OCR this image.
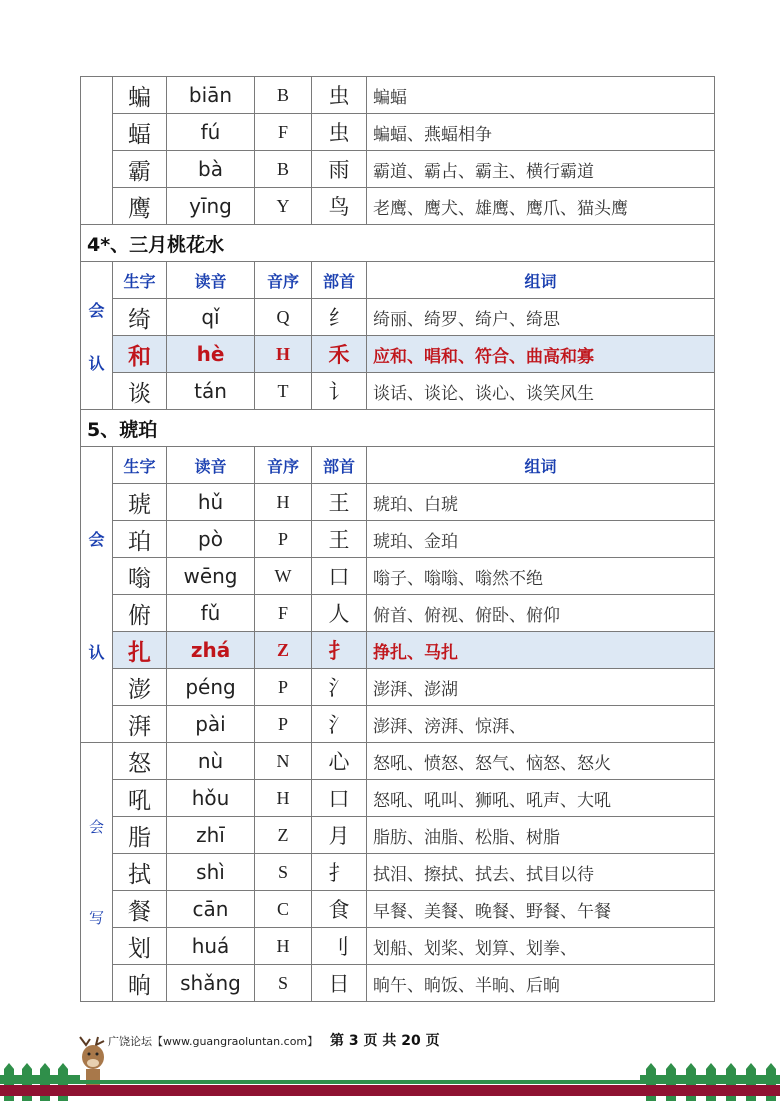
	蝙	biān	B	虫	蝙蝠
	蝠	fú	F	虫	蝙蝠、燕蝠相争
	霸	bà	B	雨	霸道、霸占、霸主、横行霸道
	鹰	yīng	Y	鸟	老鹰、鹰犬、雄鹰、鹰爪、猫头鹰
4*、三月桃花水					

会
认	生字	读音	音序	部首	组词
	绮	qǐ	Q	纟	绮丽、绮罗、绮户、绮思
	和	hè	H	禾	应和、唱和、符合、曲高和寡
	谈	tán	T	讠	谈话、谈论、谈心、谈笑风生
5、琥珀					

会
认	生字	读音	音序	部首	组词
	琥	hǔ	H	王	琥珀、白琥
	珀	pò	P	王	琥珀、金珀
	嗡	wēng	W	口	嗡子、嗡嗡、嗡然不绝
	俯	fǔ	F	人	俯首、俯视、俯卧、俯仰
	扎	zhá	Z	扌	挣扎、马扎
	澎	péng	P	氵	澎湃、澎湖
	湃	pài	P	氵	澎湃、滂湃、惊湃、

会
写	怒	nù	N	心	怒吼、愤怒、怒气、恼怒、怒火
	吼	hǒu	H	口	怒吼、吼叫、狮吼、吼声、大吼
	脂	zhī	Z	月	脂肪、油脂、松脂、树脂
	拭	shì	S	扌	拭泪、擦拭、拭去、拭目以待
	餐	cān	C	食	早餐、美餐、晚餐、野餐、午餐
	划	huá	H	刂	划船、划桨、划算、划拳、
	晌	shǎng	S	日	晌午、晌饭、半晌、后晌
广饶论坛【www.guangraoluntan.com】 第 3 页 共 20 页
